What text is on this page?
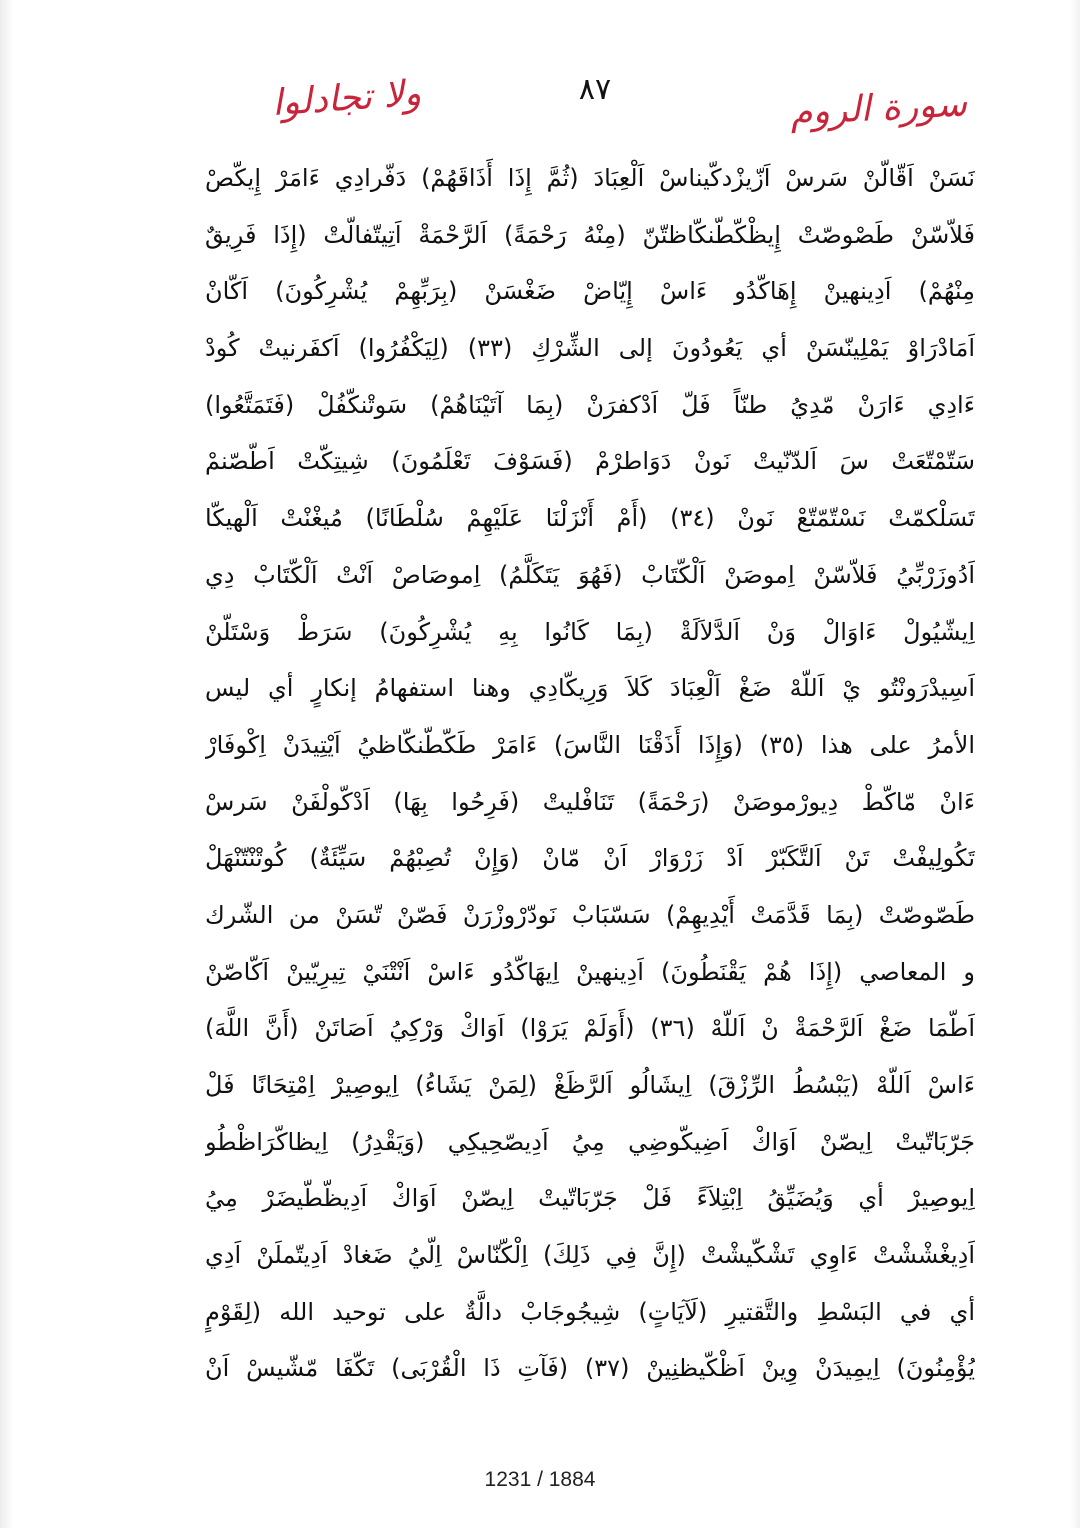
ولا تجادلوا	٨٧	سورة الروم
نَسَنْ اَقّالّنْ سَرسْ اَزّيزْدكّيناسْ اَلْعِبَادَ (ثُمَّ إِذَا أَذَاقَهُمْ) دَفّرادِي ءَامَرْ إِيكّصْ
فَلاّسّنْ طَصْوصّتْ إِيظْكّطّنكّاظتّنّ (مِنْهُ رَحْمَةً) اَلرَّحْمَةْ اَتِيتّفالّتْ (إِذَا فَرِيقٌ
مِنْهُمْ) اَدِينهينْ إِهَاكّدُو ءَاسْ إِيّاضْ ضَغْسَنْ (بِرَبِّهِمْ يُشْرِكُونَ) اَكّانْ
اَمَادْرَاوْ يَمْلِينّسَنْ أي يَعُودُونَ إلى الشِّرْكِ (٣٣) (لِيَكْفُرُوا) اَكفَرنيتْ كُودْ
ءَادِي ءَارَنْ مّدِيُ طنّاً فَلّ اَدْكفرَنْ (بِمَا آتَيْنَاهُمْ) سَوتْنكّفُلْ (فَتَمَتَّعُوا)
سَتّمْتّعَتْ سَ اَلدّنّيتْ نَونْ دَوَاطرْمْ (فَسَوْفَ تَعْلَمُونَ) شِيتِكّتْ اَطّصّنمْ
تَسَلْكمّتْ نَسْتّمّتّعْ نَونْ (٣٤) (أَمْ أَنْزَلْنَا عَلَيْهِمْ سُلْطَانًا) مُيغْنْتْ اَلْهيكّا
اَدُوزَرْبِّيُ فَلاّسّنْ اِموصَنْ اَلْكّتَابْ (فَهُوَ يَتَكَلَّمُ) اِموصَاصْ اَنْتْ اَلْكّتَابْ دِي
اِيشّيُولْ ءَاوَالْ وَنْ اَلدَّلاَلَةْ (بِمَا كَانُوا بِهِ يُشْرِكُونَ) سَرَطْ وَسْتَلّنْ
اَسِيدْرَونْتُو يْ اَللّهْ ضَغْ اَلْعِبَادَ كَلاَ وَرِيكّادِي وهنا استفهامُ إنكارٍ أي ليس
الأمرُ على هذا (٣٥) (وَإِذَا أَذَقْنَا النَّاسَ) ءَامَرْ طَكّطّنكّاظيُ اَيْتِيدَنْ اِكْوفَارْ
ءَانْ مّاكّطْ دِيورْموصَنْ (رَحْمَةً) تَنَافْليتْ (فَرِحُوا بِهَا) اَدْكّولْفَنْ سَرسْ
تَكُولِيفْتْ تَنْ اَلتَّكَبّرْ اَدْ زَرْوَارْ اَنْ مّانْ (وَإِنْ تُصِبْهُمْ سَيِّئَةٌ) كُوتْنْتّنْهَلْ
طَصّوصّتْ (بِمَا قَدَّمَتْ أَيْدِيهِمْ) سَسّبَابْ نَودّرْوزْرَنْ فَصّنْ تّسَنْ من الشّرك
و المعاصي (إِذَا هُمْ يَقْنَطُونَ) اَدِينهينْ اِيهَاكّدُو ءَاسْ اَنْتْنَيْ تِيرِيّينْ اَكّاصّنْ
اَطّمَا ضَغْ اَلرَّحْمَةْ نْ اَللّهْ (٣٦) (أَوَلَمْ يَرَوْا) اَوَاكْ وَرْكِيُ اَصَاتَنْ (أَنَّ اللَّهَ)
ءَاسْ اَللّهْ (يَبْسُطُ الرِّزْقَ) اِيشَالُو اَلرَّظَغْ (لِمَنْ يَشَاءُ) اِيوصِيرْ اِمْتِحَانًا فَلْ
جَرّبَاتّيتْ اِيصّنْ اَوَاكْ اَضِيكّوضِي مِيُ اَدِيصّحِيكِي (وَيَقْدِرُ) اِيظاكّرَاظْطُو
اِيوصِيرْ أي وَيُضَيِّقُ اِبْتِلاَءً فَلْ جَرّبَاتّيتْ اِيصّنْ اَوَاكْ اَدِيظّطّيضَرْ مِيُ
اَدِيغْشْشْتْ ءَاوِي تَشْكّيشْتْ (إِنَّ فِي ذَلِكَ) اِلْكّنّاسْ اِلّيُ ضَغادْ اَدِيتّملَنْ اَدِي
أي في البَسْطِ والتَّقتيرِ (لَآيَاتٍ) شِيجُوجَابْ دالَّةٌ على توحيد الله (لِقَوْمٍ
يُؤْمِنُونَ) اِيمِيدَنْ وِينْ اَظْكّيظنِينْ (٣٧) (فَآتِ ذَا الْقُرْبَى) تَكّفَا مّشّيسْ اَنْ
1231 / 1884
